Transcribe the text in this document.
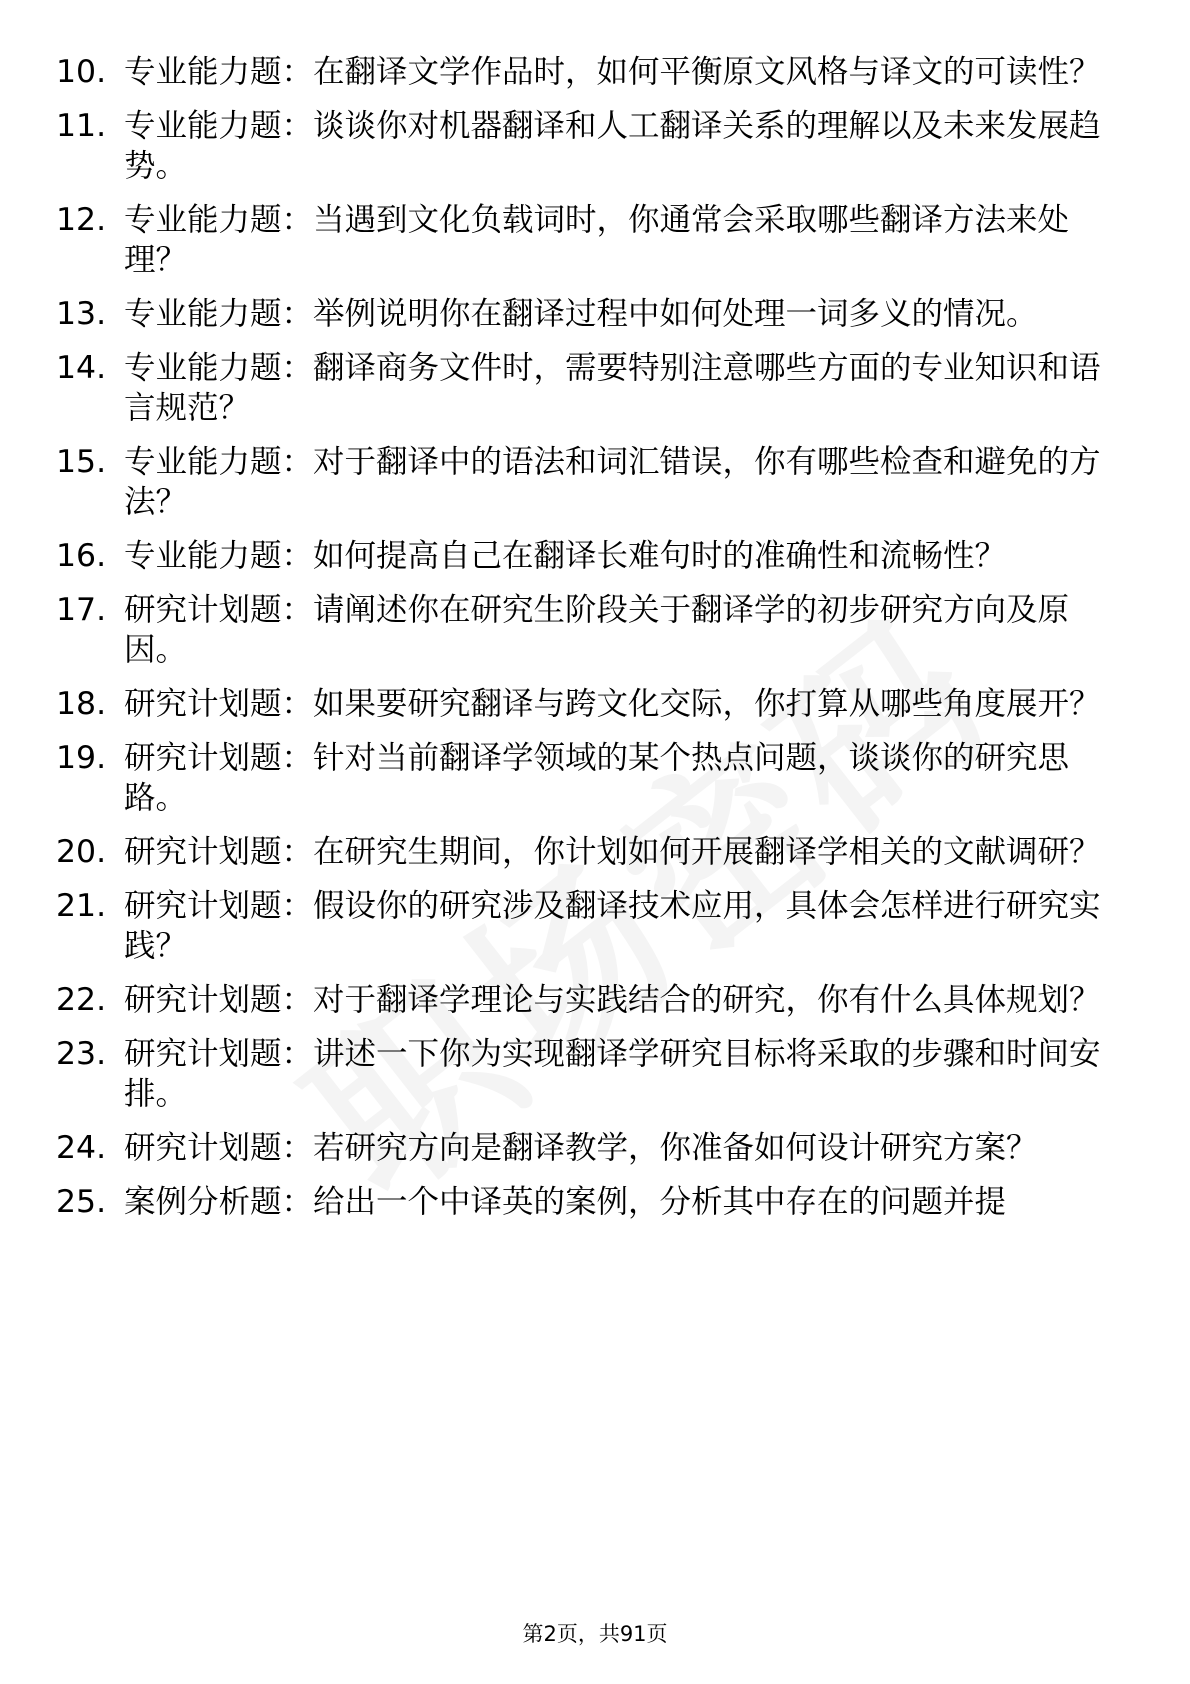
10. 专业能力题：在翻译文学作品时，如何平衡原文风格与译文的可读性？
11. 专业能力题：谈谈你对机器翻译和人工翻译关系的理解以及未来发展趋势。
12. 专业能力题：当遇到文化负载词时，你通常会采取哪些翻译方法来处理？
13. 专业能力题：举例说明你在翻译过程中如何处理一词多义的情况。
14. 专业能力题：翻译商务文件时，需要特别注意哪些方面的专业知识和语言规范？
15. 专业能力题：对于翻译中的语法和词汇错误，你有哪些检查和避免的方法？
16. 专业能力题：如何提高自己在翻译长难句时的准确性和流畅性？
17. 研究计划题：请阐述你在研究生阶段关于翻译学的初步研究方向及原因。
18. 研究计划题：如果要研究翻译与跨文化交际，你打算从哪些角度展开？
19. 研究计划题：针对当前翻译学领域的某个热点问题，谈谈你的研究思路。
20. 研究计划题：在研究生期间，你计划如何开展翻译学相关的文献调研？
21. 研究计划题：假设你的研究涉及翻译技术应用，具体会怎样进行研究实践？
22. 研究计划题：对于翻译学理论与实践结合的研究，你有什么具体规划？
23. 研究计划题：讲述一下你为实现翻译学研究目标将采取的步骤和时间安排。
24. 研究计划题：若研究方向是翻译教学，你准备如何设计研究方案？
25. 案例分析题：给出一个中译英的案例，分析其中存在的问题并提
第2页，共91页
